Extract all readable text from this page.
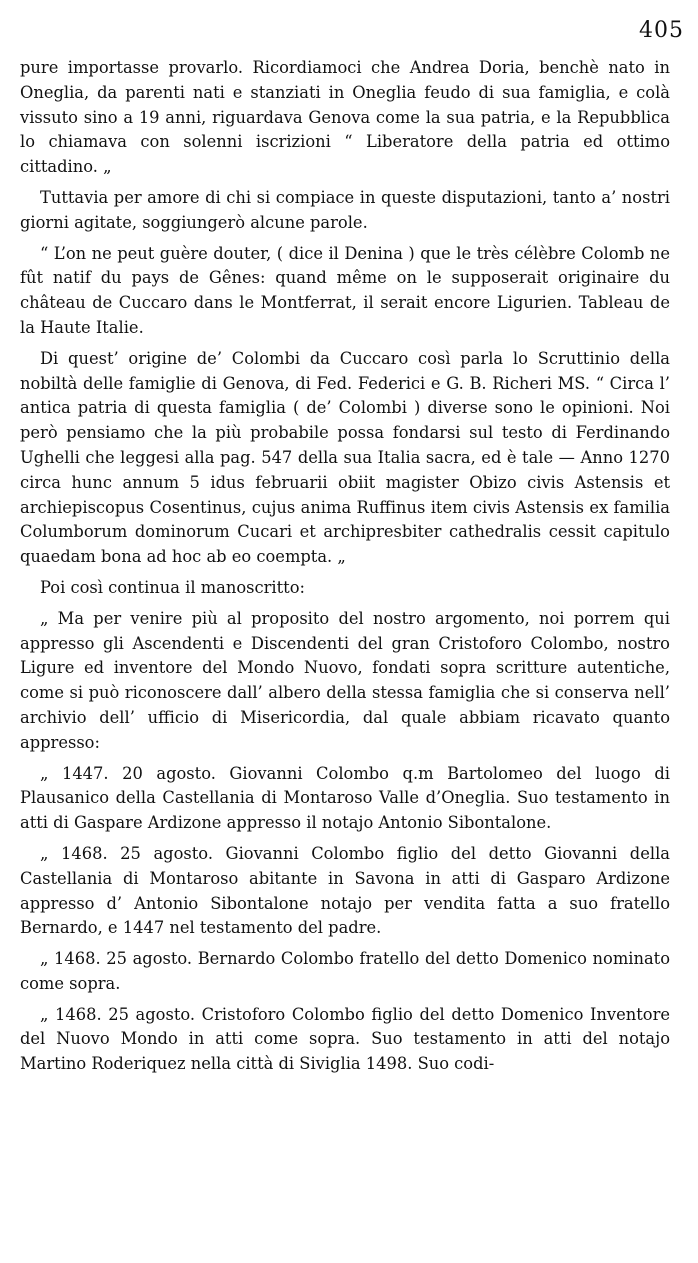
405

pure importasse provarlo. Ricordiamoci che Andrea Doria, benchè nato in Oneglia, da parenti nati e stanziati in Oneglia feudo di sua famiglia, e colà vissuto sino a 19 anni, riguardava Genova come la sua patria, e la Repubblica lo chiamava con solenni iscrizioni “ Liberatore della patria ed ottimo cittadino. „

Tuttavia per amore di chi si compiace in queste disputazioni, tanto a’ nostri giorni agitate, soggiungerò alcune parole.

“ L’on ne peut guère douter, ( dice il Denina ) que le très célèbre Colomb ne fût natif du pays de Gênes: quand même on le supposerait originaire du château de Cuccaro dans le Montferrat, il serait encore Ligurien. Tableau de la Haute Italie.

Di quest’ origine de’ Colombi da Cuccaro così parla lo Scruttinio della nobiltà delle famiglie di Genova, di Fed. Federici e G. B. Richeri MS. “ Circa l’ antica patria di questa famiglia ( de’ Colombi ) diverse sono le opinioni. Noi però pensiamo che la più probabile possa fondarsi sul testo di Ferdinando Ughelli che leggesi alla pag. 547 della sua Italia sacra, ed è tale — Anno 1270 circa hunc annum 5 idus februarii obiit magister Obizo civis Astensis et archiepiscopus Cosentinus, cujus anima Ruffinus item civis Astensis ex familia Columborum dominorum Cucari et archipresbiter cathedralis cessit capitulo quaedam bona ad hoc ab eo coempta. „

Poi così continua il manoscritto:

„ Ma per venire più al proposito del nostro argomento, noi porrem qui appresso gli Ascendenti e Discendenti del gran Cristoforo Colombo, nostro Ligure ed inventore del Mondo Nuovo, fondati sopra scritture autentiche, come si può riconoscere dall’ albero della stessa famiglia che si conserva nell’ archivio dell’ ufficio di Misericordia, dal quale abbiam ricavato quanto appresso:

„ 1447. 20 agosto. Giovanni Colombo q.m Bartolomeo del luogo di Plausanico della Castellania di Montaroso Valle d’Oneglia. Suo testamento in atti di Gaspare Ardizone appresso il notajo Antonio Sibontalone.

„ 1468. 25 agosto. Giovanni Colombo figlio del detto Giovanni della Castellania di Montaroso abitante in Savona in atti di Gasparo Ardizone appresso d’ Antonio Sibontalone notajo per vendita fatta a suo fratello Bernardo, e 1447 nel testamento del padre.

„ 1468. 25 agosto. Bernardo Colombo fratello del detto Domenico nominato come sopra.

„ 1468. 25 agosto. Cristoforo Colombo figlio del detto Domenico Inventore del Nuovo Mondo in atti come sopra. Suo testamento in atti del notajo Martino Roderiquez nella città di Siviglia 1498. Suo codi-
